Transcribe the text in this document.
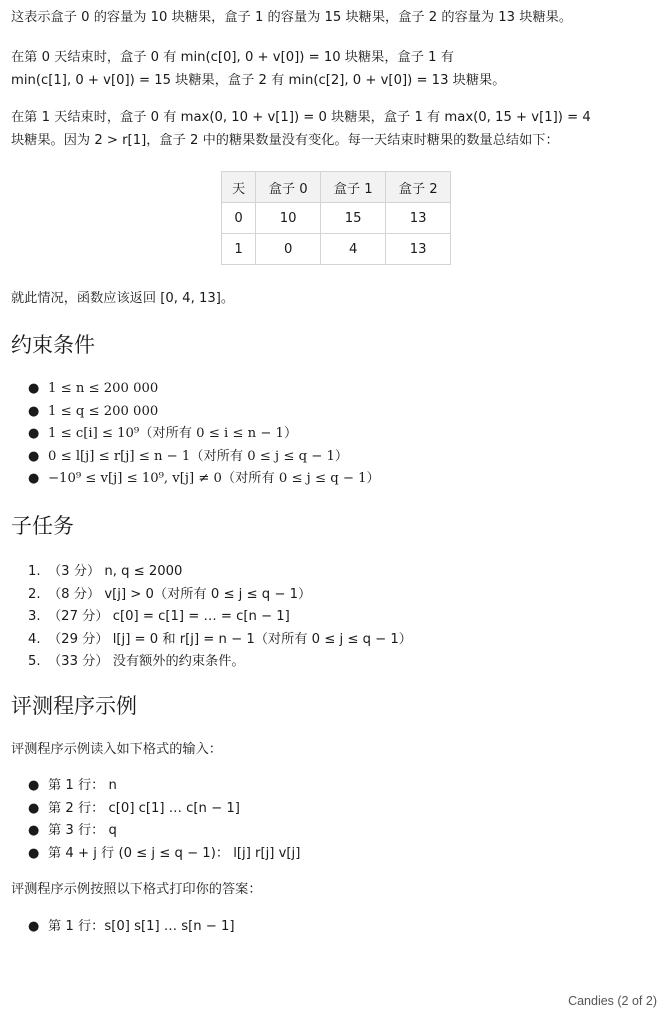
这表示盒子 0 的容量为 10 块糖果，盒子 1 的容量为 15 块糖果，盒子 2 的容量为 13 块糖果。
在第 0 天结束时，盒子 0 有 min(c[0], 0 + v[0]) = 10 块糖果，盒子 1 有
min(c[1], 0 + v[0]) = 15 块糖果，盒子 2 有 min(c[2], 0 + v[0]) = 13 块糖果。
在第 1 天结束时，盒子 0 有 max(0, 10 + v[1]) = 0 块糖果，盒子 1 有 max(0, 15 + v[1]) = 4
块糖果。因为 2 > r[1]，盒子 2 中的糖果数量没有变化。每一天结束时糖果的数量总结如下：
天	盒子 0	盒子 1	盒子 2
0	10	15	13
1	0	4	13
就此情况，函数应该返回 [0, 4, 13]。
约束条件
● 1 ≤ n ≤ 200 000
● 1 ≤ q ≤ 200 000
● 1 ≤ c[i] ≤ 10⁹（对所有 0 ≤ i ≤ n − 1）
● 0 ≤ l[j] ≤ r[j] ≤ n − 1（对所有 0 ≤ j ≤ q − 1）
● −10⁹ ≤ v[j] ≤ 10⁹, v[j] ≠ 0（对所有 0 ≤ j ≤ q − 1）
子任务
1. （3 分） n, q ≤ 2000
2. （8 分） v[j] > 0（对所有 0 ≤ j ≤ q − 1）
3. （27 分） c[0] = c[1] = … = c[n − 1]
4. （29 分） l[j] = 0 和 r[j] = n − 1（对所有 0 ≤ j ≤ q − 1）
5. （33 分） 没有额外的约束条件。
评测程序示例
评测程序示例读入如下格式的输入：
● 第 1 行： n
● 第 2 行： c[0] c[1] … c[n − 1]
● 第 3 行： q
● 第 4 + j 行 (0 ≤ j ≤ q − 1)： l[j] r[j] v[j]
评测程序示例按照以下格式打印你的答案：
● 第 1 行：s[0] s[1] … s[n − 1]
Candies (2 of 2)
